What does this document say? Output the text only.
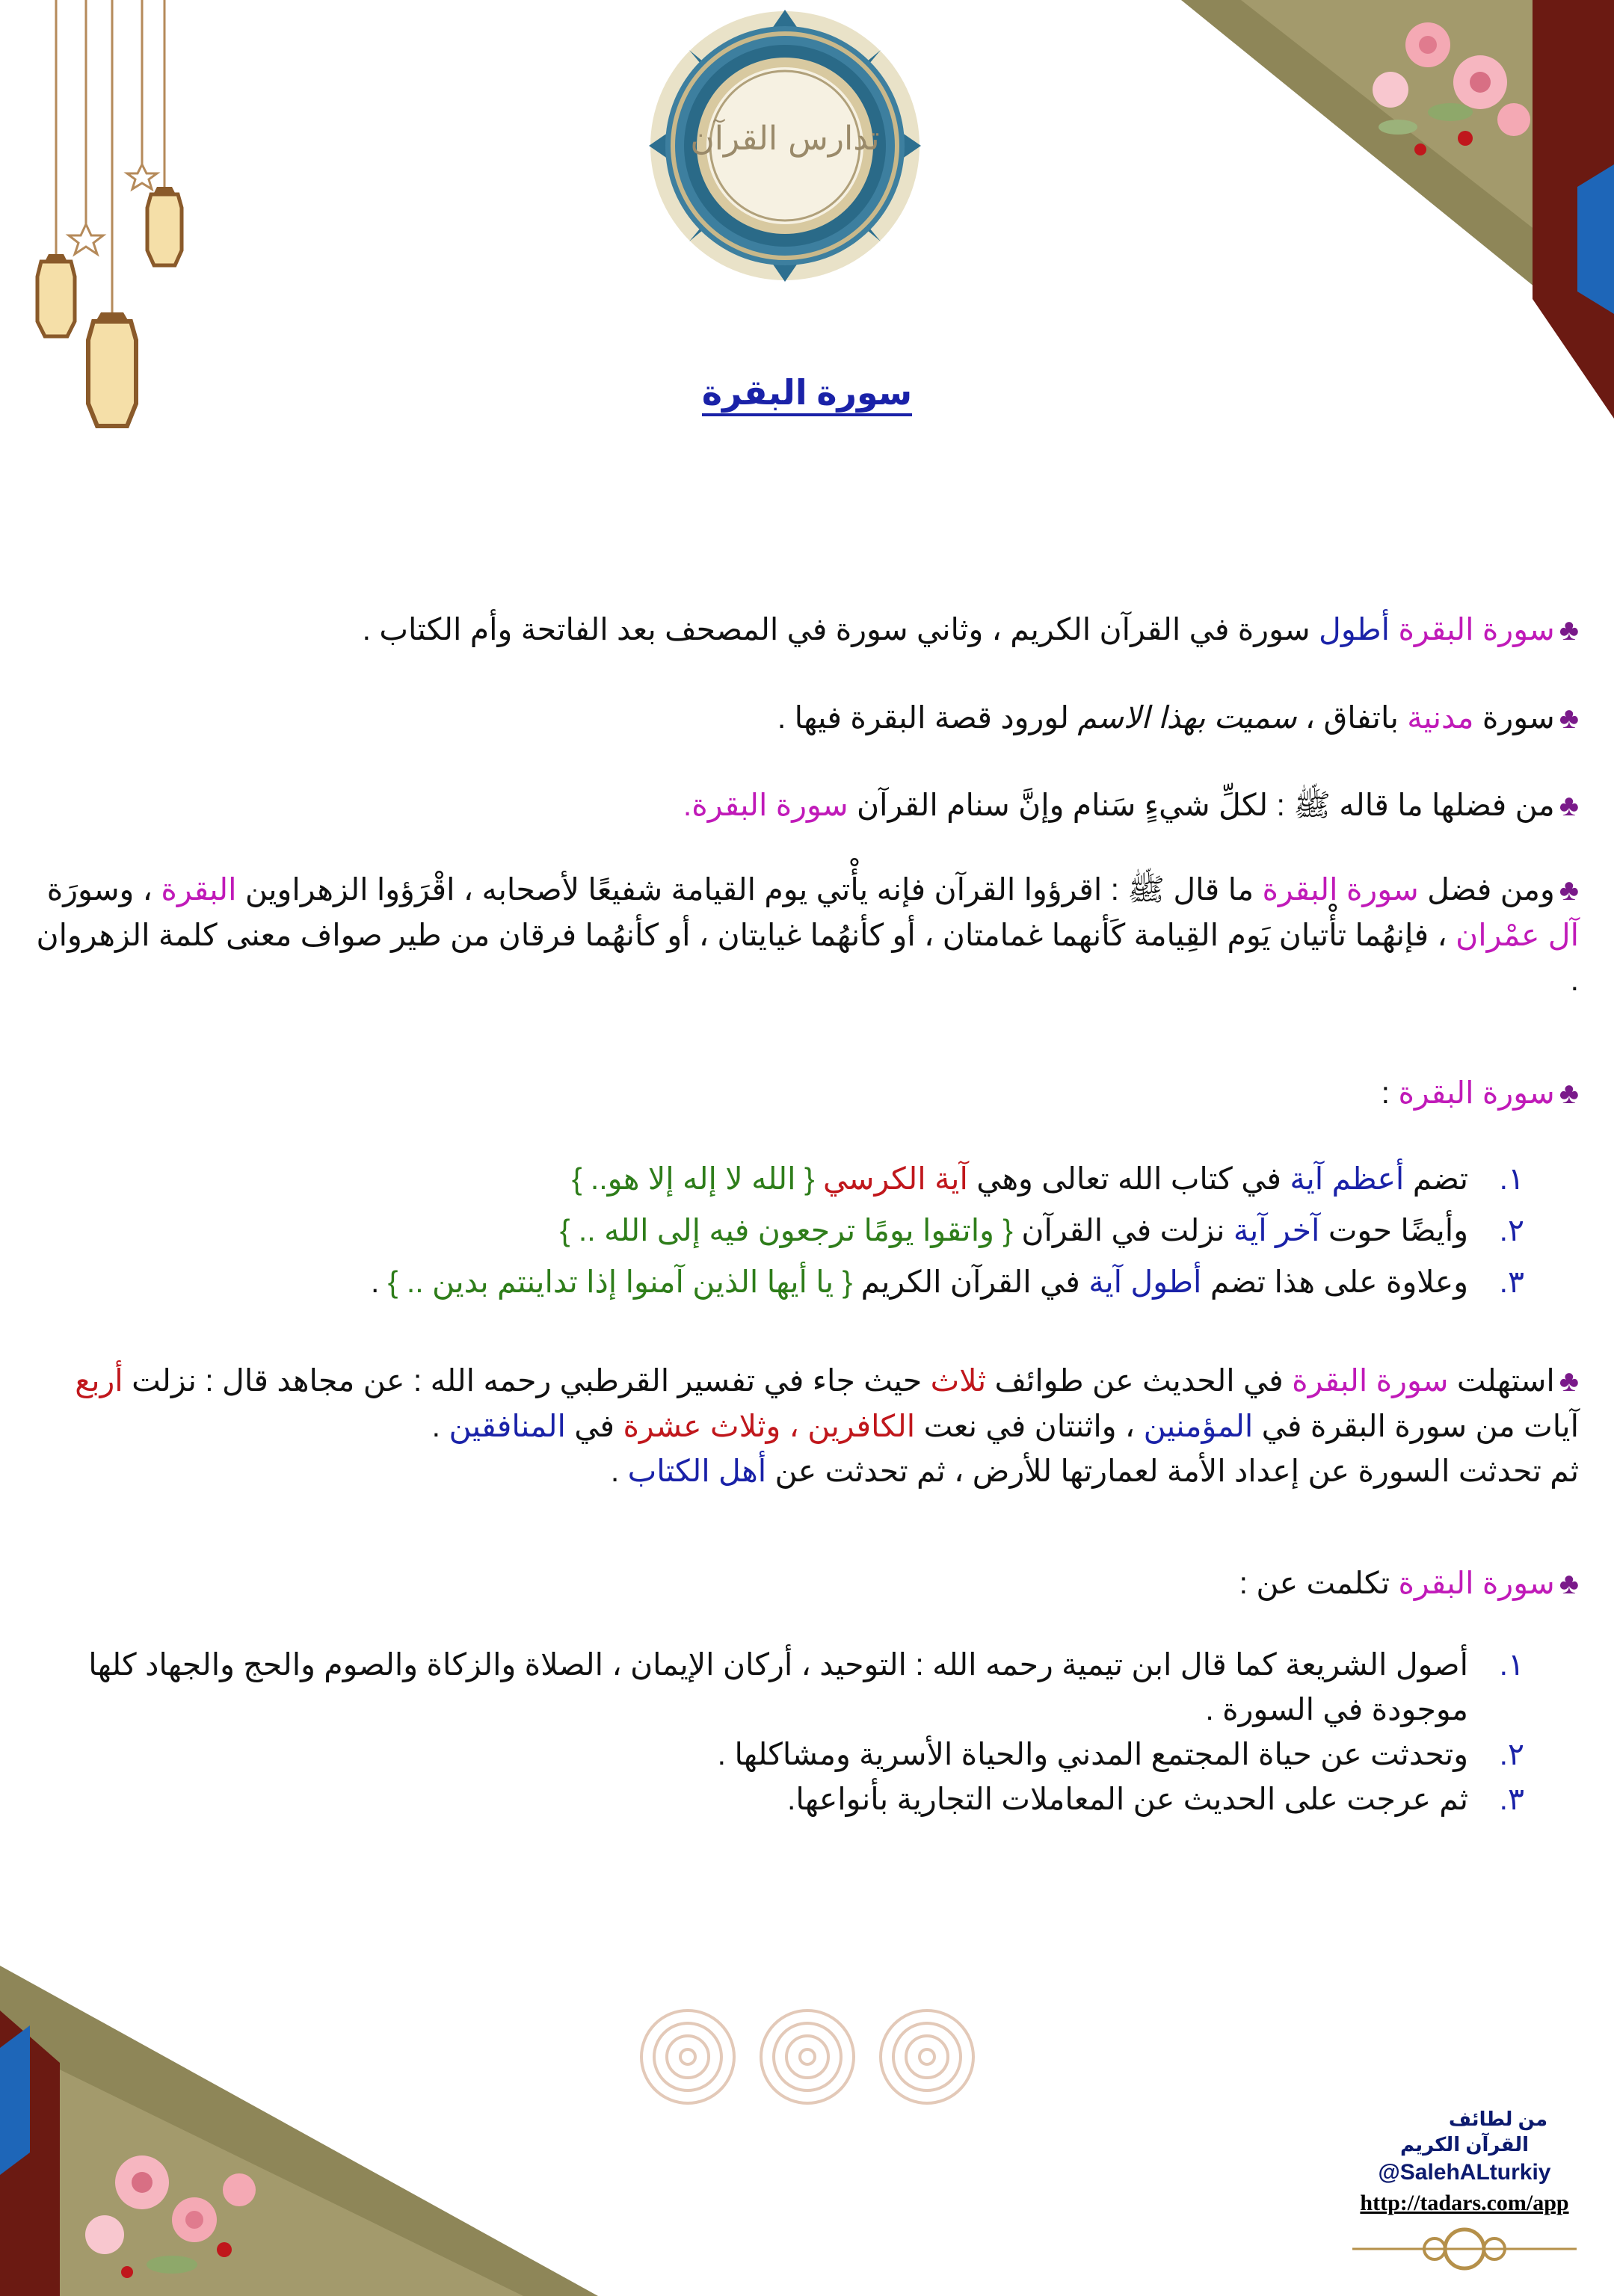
تدارس القرآن
سورة البقرة
♣سورة البقرة أطول سورة في القرآن الكريم ، وثاني سورة في المصحف بعد الفاتحة وأم الكتاب .
♣سورة مدنية باتفاق ، سميت بهذا الاسم لورود قصة البقرة فيها .
♣من فضلها ما قاله ﷺ : لكلِّ شيءٍ سَنام وإنَّ سنام القرآن سورة البقرة.
♣ومن فضل سورة البقرة ما قال ﷺ : اقرؤوا القرآن فإنه يأْتي يوم القيامة شفيعًا لأصحابه ، اقْرَؤوا الزهراوين البقرة ، وسورَة آل عمْران ، فإنهُما تأْتيان يَوم القِيامة كَأنهما غمامتان ، أو كأنهُما غيايتان ، أو كأنهُما فرقان من طير صواف معنى كلمة الزهروان .
♣سورة البقرة :
١.
تضم أعظم آية في كتاب الله تعالى وهي آية الكرسي { الله لا إله إلا هو.. }
٢.
وأيضًا حوت آخر آية نزلت في القرآن { واتقوا يومًا ترجعون فيه إلى الله .. }
٣.
وعلاوة على هذا تضم أطول آية في القرآن الكريم { يا أيها الذين آمنوا إذا تداينتم بدين .. } .
♣استهلت سورة البقرة في الحديث عن طوائف ثلاث حيث جاء في تفسير القرطبي رحمه الله : عن مجاهد قال : نزلت أربع آيات من سورة البقرة في المؤمنين ، واثنتان في نعت الكافرين ، وثلاث عشرة في المنافقين .
ثم تحدثت السورة عن إعداد الأمة لعمارتها للأرض ، ثم تحدثت عن أهل الكتاب .
♣سورة البقرة تكلمت عن :
١.
أصول الشريعة كما قال ابن تيمية رحمه الله : التوحيد ، أركان الإيمان ، الصلاة والزكاة والصوم والحج والجهاد كلها موجودة في السورة .
٢.
وتحدثت عن حياة المجتمع المدني والحياة الأسرية ومشاكلها .
٣.
ثم عرجت على الحديث عن المعاملات التجارية بأنواعها.
من لطائف
القرآن الكريم
@SalehALturkiy
http://tadars.com/app
